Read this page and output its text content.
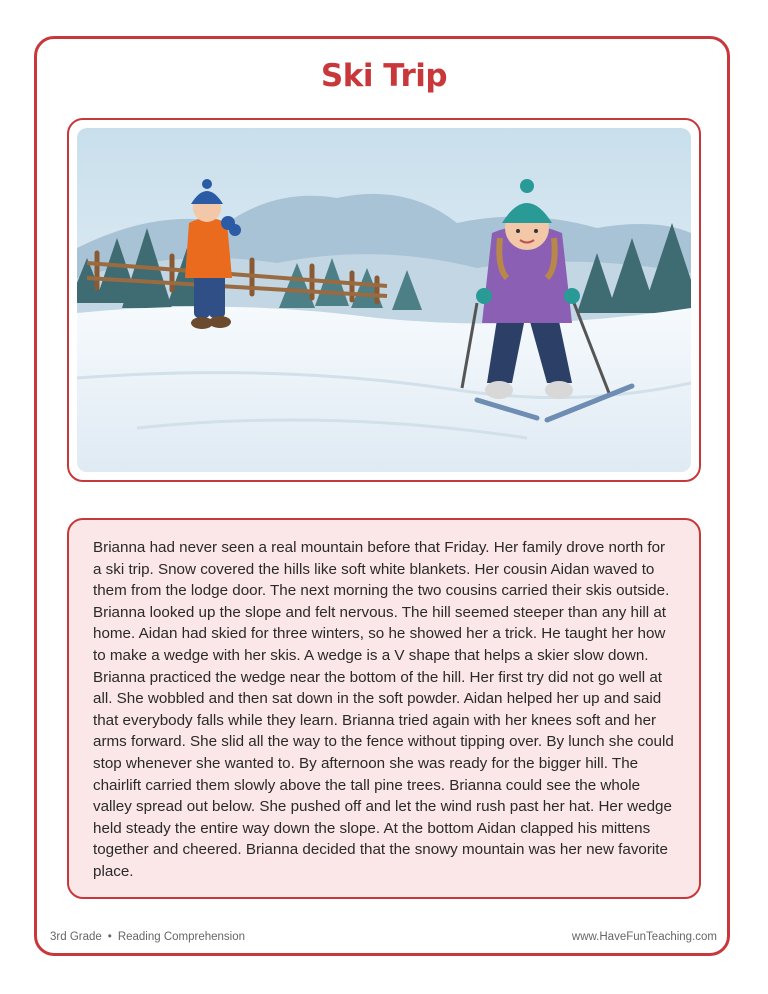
Ski Trip

Brianna had never seen a real mountain before that Friday. Her family drove north for a ski trip. Snow covered the hills like soft white blankets. Her cousin Aidan waved to them from the lodge door. The next morning the two cousins carried their skis outside. Brianna looked up the slope and felt nervous. The hill seemed steeper than any hill at home. Aidan had skied for three winters, so he showed her a trick. He taught her how to make a wedge with her skis. A wedge is a V shape that helps a skier slow down. Brianna practiced the wedge near the bottom of the hill. Her first try did not go well at all. She wobbled and then sat down in the soft powder. Aidan helped her up and said that everybody falls while they learn. Brianna tried again with her knees soft and her arms forward. She slid all the way to the fence without tipping over. By lunch she could stop whenever she wanted to. By afternoon she was ready for the bigger hill. The chairlift carried them slowly above the tall pine trees. Brianna could see the whole valley spread out below. She pushed off and let the wind rush past her hat. Her wedge held steady the entire way down the slope. At the bottom Aidan clapped his mittens together and cheered. Brianna decided that the snowy mountain was her new favorite place.

3rd Grade • Reading Comprehension	www.HaveFunTeaching.com
